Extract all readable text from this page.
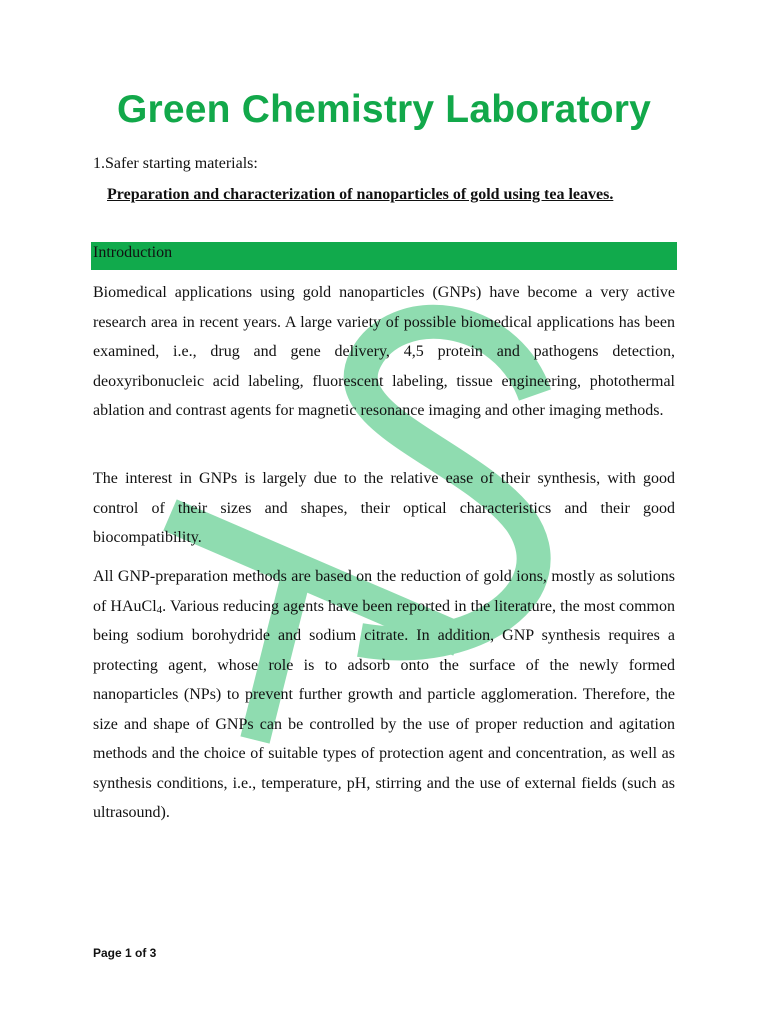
Green Chemistry Laboratory
1.Safer starting materials:
Preparation and characterization of nanoparticles of gold using tea leaves.
Introduction

Biomedical applications using gold nanoparticles (GNPs) have become a very active research area in recent years. A large variety of possible biomedical applications has been examined, i.e., drug and gene delivery, 4,5 protein and pathogens detection, deoxyribonucleic acid labeling, fluorescent labeling, tissue engineering, photothermal ablation and contrast agents for magnetic resonance imaging and other imaging methods.

The interest in GNPs is largely due to the relative ease of their synthesis, with good control of their sizes and shapes, their optical characteristics and their good biocompatibility.

All GNP-preparation methods are based on the reduction of gold ions, mostly as solutions of HAuCl$_4$. Various reducing agents have been reported in the literature, the most common being sodium borohydride and sodium citrate. In addition, GNP synthesis requires a protecting agent, whose role is to adsorb onto the surface of the newly formed nanoparticles (NPs) to prevent further growth and particle agglomeration. Therefore, the size and shape of GNPs can be controlled by the use of proper reduction and agitation methods and the choice of suitable types of protection agent and concentration, as well as synthesis conditions, i.e., temperature, pH, stirring and the use of external fields (such as ultrasound).

Page 1 of 3
